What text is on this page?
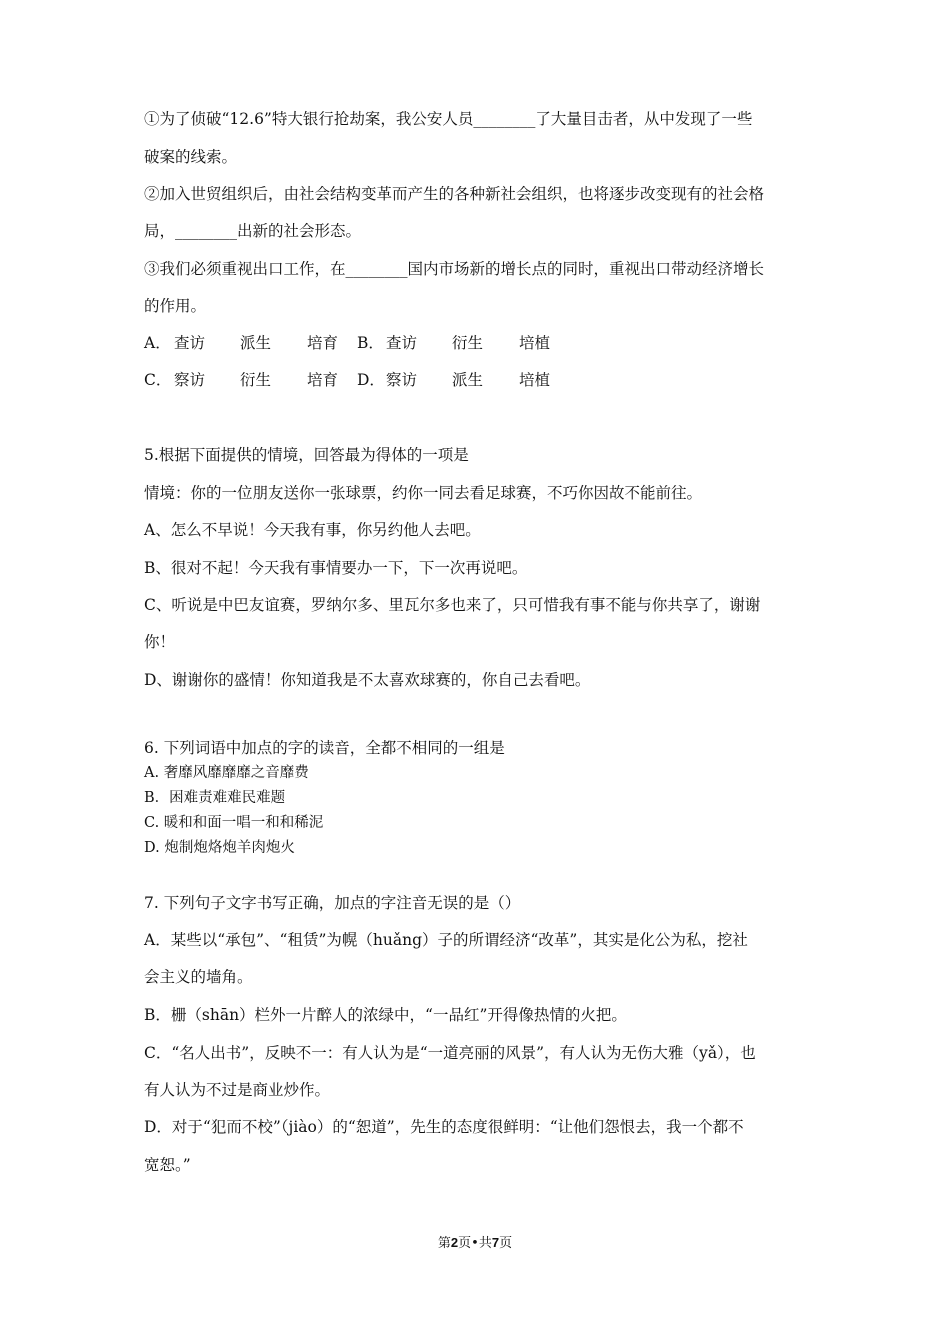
①为了侦破“12.6”特大银行抢劫案，我公安人员________了大量目击者，从中发现了一些

破案的线索。

②加入世贸组织后，由社会结构变革而产生的各种新社会组织，也将逐步改变现有的社会格

局，________出新的社会形态。

③我们必须重视出口工作，在________国内市场新的增长点的同时，重视出口带动经济增长

的作用。

A． 查访 派生 培育 B． 查访 衍生 培植
C． 察访 衍生 培育 D． 察访 派生 培植

5.根据下面提供的情境，回答最为得体的一项是

情境：你的一位朋友送你一张球票，约你一同去看足球赛，不巧你因故不能前往。

A、怎么不早说！今天我有事，你另约他人去吧。

B、很对不起！今天我有事情要办一下，下一次再说吧。

C、听说是中巴友谊赛，罗纳尔多、里瓦尔多也来了，只可惜我有事不能与你共享了，谢谢

你！

D、谢谢你的盛情！你知道我是不太喜欢球赛的，你自己去看吧。

6. 下列词语中加点的字的读音，全都不相同的一组是

A. 奢靡风靡靡靡之音靡费

B．困难责难难民难题

C. 暖和和面一唱一和和稀泥

D. 炮制炮烙炮羊肉炮火

7. 下列句子文字书写正确，加点的字注音无误的是（）

A．某些以“承包”、“租赁”为幌（huǎng）子的所谓经济“改革”，其实是化公为私，挖社

会主义的墙角。

B．栅（shān）栏外一片醉人的浓绿中，“一品红”开得像热情的火把。

C．“名人出书”，反映不一：有人认为是“一道亮丽的风景”，有人认为无伤大雅（yǎ），也

有人认为不过是商业炒作。

D．对于“犯而不校”（jiào）的“恕道”，先生的态度很鲜明：“让他们怨恨去，我一个都不

宽恕。”

第2页•共7页
